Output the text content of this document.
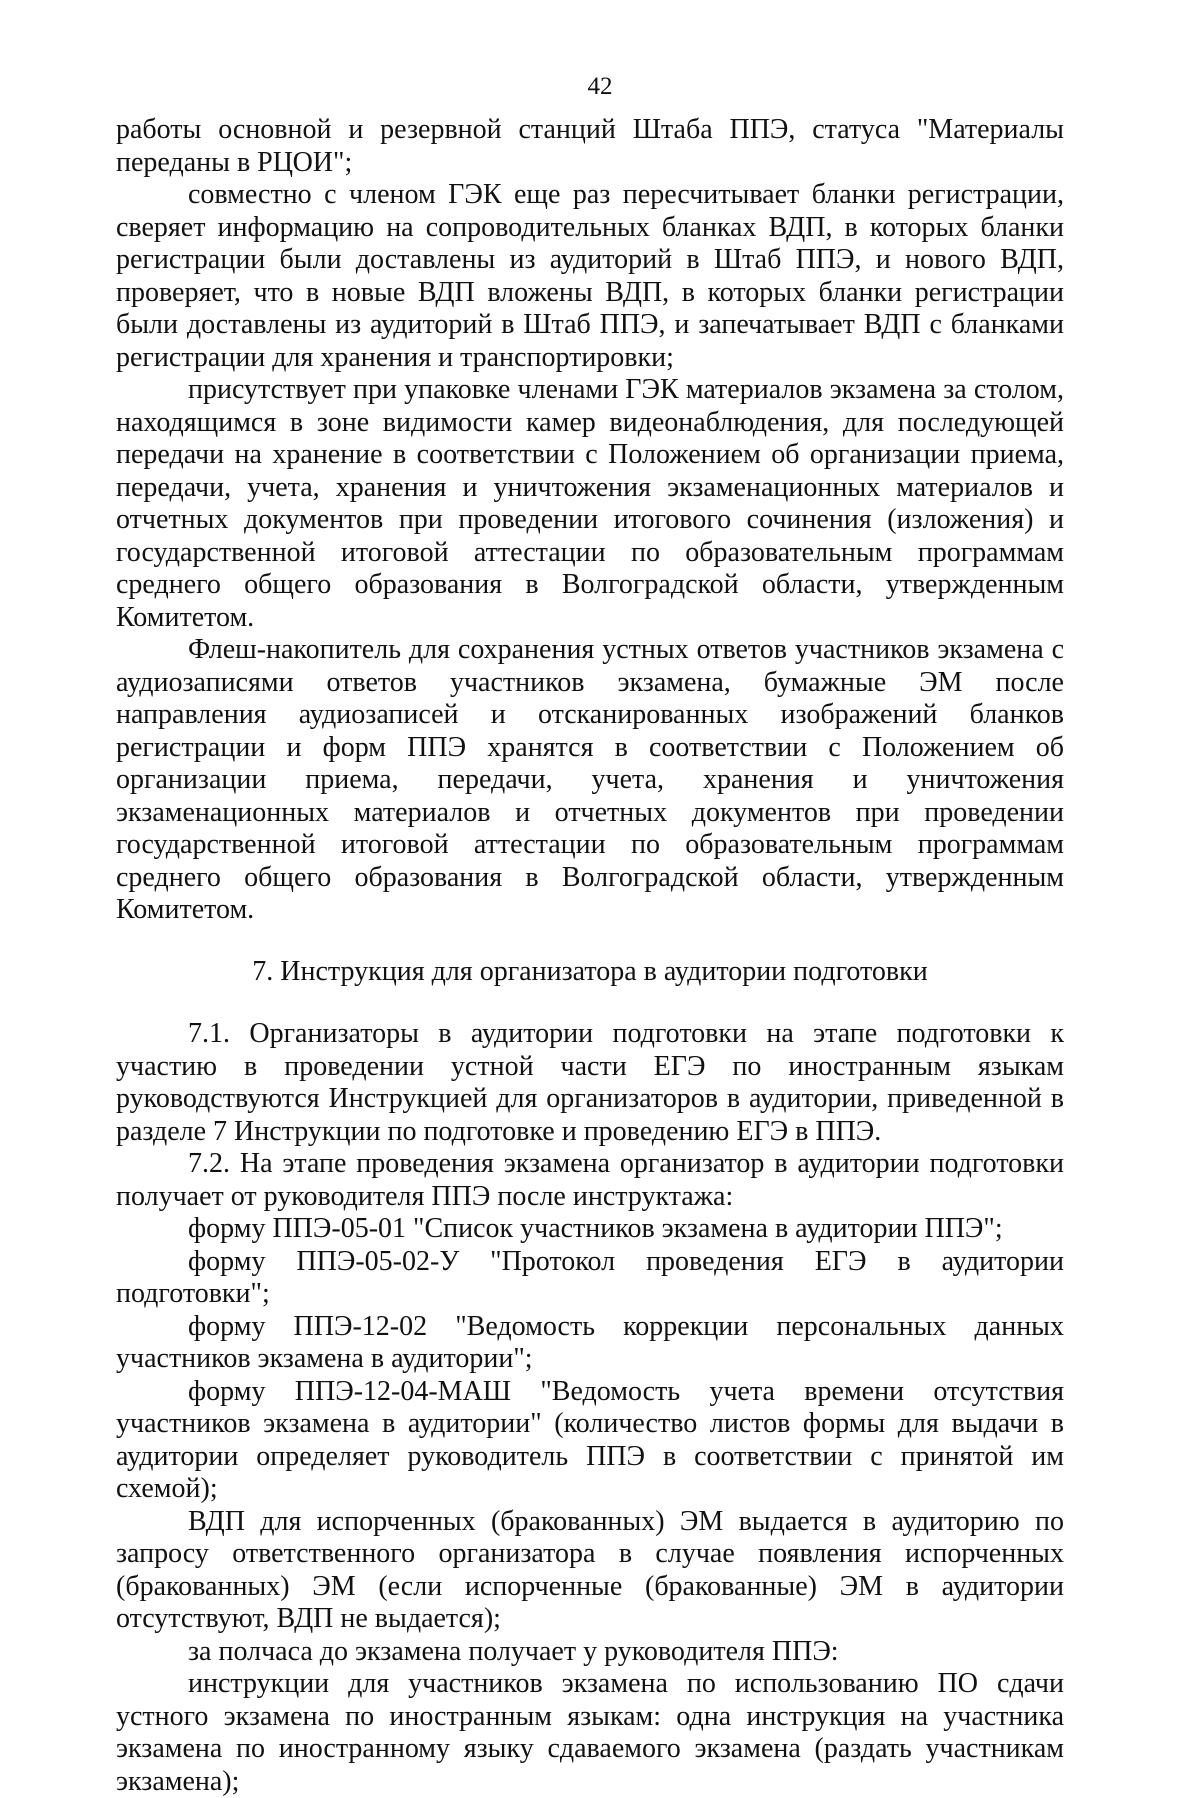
42

работы основной и резервной станций Штаба ППЭ, статуса "Материалы переданы в РЦОИ";

совместно с членом ГЭК еще раз пересчитывает бланки регистрации, сверяет информацию на сопроводительных бланках ВДП, в которых бланки регистрации были доставлены из аудиторий в Штаб ППЭ, и нового ВДП, проверяет, что в новые ВДП вложены ВДП, в которых бланки регистрации были доставлены из аудиторий в Штаб ППЭ, и запечатывает ВДП с бланками регистрации для хранения и транспортировки;

присутствует при упаковке членами ГЭК материалов экзамена за столом, находящимся в зоне видимости камер видеонаблюдения, для последующей передачи на хранение в соответствии с Положением об организации приема, передачи, учета, хранения и уничтожения экзаменационных материалов и отчетных документов при проведении итогового сочинения (изложения) и государственной итоговой аттестации по образовательным программам среднего общего образования в Волгоградской области, утвержденным Комитетом.

Флеш-накопитель для сохранения устных ответов участников экзамена с аудиозаписями ответов участников экзамена, бумажные ЭМ после направления аудиозаписей и отсканированных изображений бланков регистрации и форм ППЭ хранятся в соответствии с Положением об организации приема, передачи, учета, хранения и уничтожения экзаменационных материалов и отчетных документов при проведении государственной итоговой аттестации по образовательным программам среднего общего образования в Волгоградской области, утвержденным Комитетом.

7. Инструкция для организатора в аудитории подготовки

7.1. Организаторы в аудитории подготовки на этапе подготовки к участию в проведении устной части ЕГЭ по иностранным языкам руководствуются Инструкцией для организаторов в аудитории, приведенной в разделе 7 Инструкции по подготовке и проведению ЕГЭ в ППЭ.

7.2. На этапе проведения экзамена организатор в аудитории подготовки получает от руководителя ППЭ после инструктажа:

форму ППЭ-05-01 "Список участников экзамена в аудитории ППЭ";

форму ППЭ-05-02-У "Протокол проведения ЕГЭ в аудитории подготовки";

форму ППЭ-12-02 "Ведомость коррекции персональных данных участников экзамена в аудитории";

форму ППЭ-12-04-МАШ "Ведомость учета времени отсутствия участников экзамена в аудитории" (количество листов формы для выдачи в аудитории определяет руководитель ППЭ в соответствии с принятой им схемой);

ВДП для испорченных (бракованных) ЭМ выдается в аудиторию по запросу ответственного организатора в случае появления испорченных (бракованных) ЭМ (если испорченные (бракованные) ЭМ в аудитории отсутствуют, ВДП не выдается);

за полчаса до экзамена получает у руководителя ППЭ:

инструкции для участников экзамена по использованию ПО сдачи устного экзамена по иностранным языкам: одна инструкция на участника экзамена по иностранному языку сдаваемого экзамена (раздать участникам экзамена);
